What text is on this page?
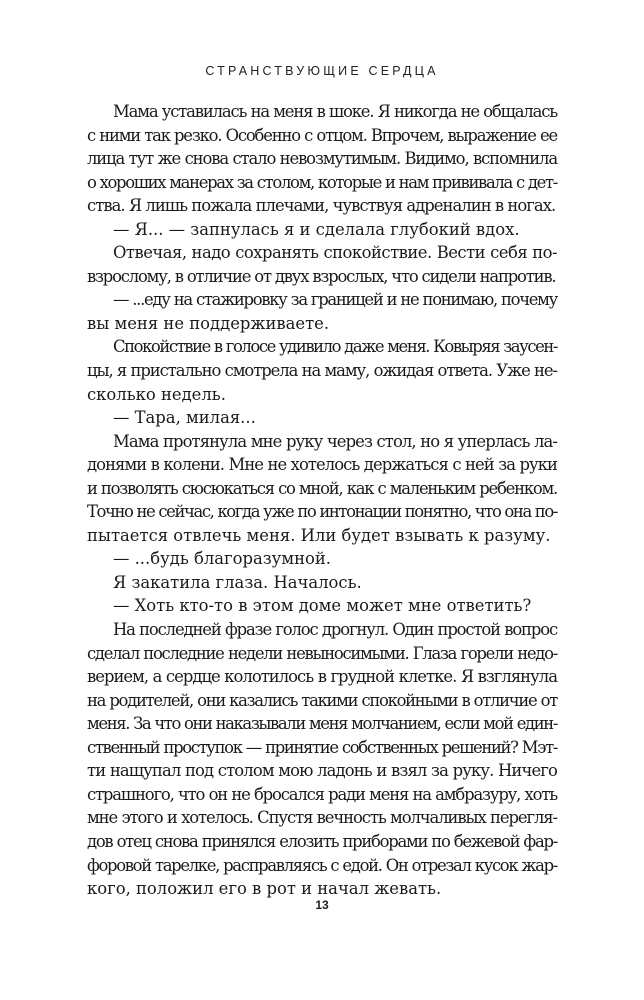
СТРАНСТВУЮЩИЕ СЕРДЦА
Мама уставилась на меня в шоке. Я никогда не общалась
с ними так резко. Особенно с отцом. Впрочем, выражение ее
лица тут же снова стало невозмутимым. Видимо, вспомнила
о хороших манерах за столом, которые и нам прививала с дет-
ства. Я лишь пожала плечами, чувствуя адреналин в ногах.
— Я... — запнулась я и сделала глубокий вдох.
Отвечая, надо сохранять спокойствие. Вести себя по-
взрослому, в отличие от двух взрослых, что сидели напротив.
— ...еду на стажировку за границей и не понимаю, почему
вы меня не поддерживаете.
Спокойствие в голосе удивило даже меня. Ковыряя заусен-
цы, я пристально смотрела на маму, ожидая ответа. Уже не-
сколько недель.
— Тара, милая...
Мама протянула мне руку через стол, но я уперлась ла-
донями в колени. Мне не хотелось держаться с ней за руки
и позволять сюсюкаться со мной, как с маленьким ребенком.
Точно не сейчас, когда уже по интонации понятно, что она по-
пытается отвлечь меня. Или будет взывать к разуму.
— ...будь благоразумной.
Я закатила глаза. Началось.
— Хоть кто-то в этом доме может мне ответить?
На последней фразе голос дрогнул. Один простой вопрос
сделал последние недели невыносимыми. Глаза горели недо-
верием, а сердце колотилось в грудной клетке. Я взглянула
на родителей, они казались такими спокойными в отличие от
меня. За что они наказывали меня молчанием, если мой един-
ственный проступок — принятие собственных решений? Мэт-
ти нащупал под столом мою ладонь и взял за руку. Ничего
страшного, что он не бросался ради меня на амбразуру, хоть
мне этого и хотелось. Спустя вечность молчаливых перегля-
дов отец снова принялся елозить приборами по бежевой фар-
форовой тарелке, расправляясь с едой. Он отрезал кусок жар-
кого, положил его в рот и начал жевать.
13
